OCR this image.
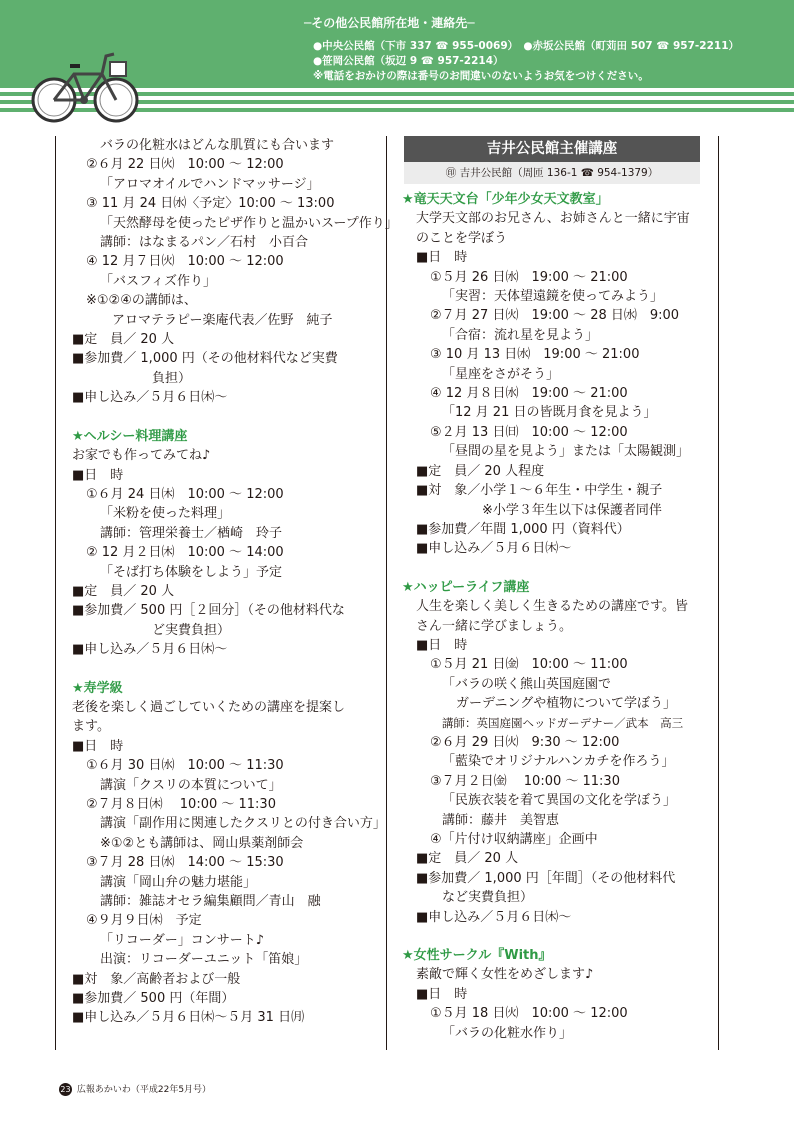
─その他公民館所在地・連絡先─
●中央公民館（下市 337 ☎ 955-0069）　●赤坂公民館（町苅田 507 ☎ 957-2211）
●笹岡公民館（坂辺 9 ☎ 957-2214）
※電話をおかけの際は番号のお間違いのないようお気をつけください。
バラの化粧水はどんな肌質にも合います
②６月 22 日㈫　10:00 ～ 12:00
「アロマオイルでハンドマッサージ」
③ 11 月 24 日㈬〈予定〉10:00 ～ 13:00
「天然酵母を使ったピザ作りと温かいスープ作り」
講師：はなまるパン／石村　小百合
④ 12 月７日㈫　10:00 ～ 12:00
「バスフィズ作り」
※①②④の講師は、
アロマテラピー楽庵代表／佐野　純子
■定　員／ 20 人
■参加費／ 1,000 円（その他材料代など実費
負担）
■申し込み／５月６日㈭～
★ヘルシー料理講座
お家でも作ってみてね♪
■日　時
①６月 24 日㈭　10:00 ～ 12:00
「米粉を使った料理」
講師：管理栄養士／楢崎　玲子
② 12 月２日㈭　10:00 ～ 14:00
「そば打ち体験をしよう」予定
■定　員／ 20 人
■参加費／ 500 円［２回分］（その他材料代な
ど実費負担）
■申し込み／５月６日㈭～
★寿学級
老後を楽しく過ごしていくための講座を提案し
ます。
■日　時
①６月 30 日㈬　10:00 ～ 11:30
講演「クスリの本質について」
②７月８日㈭　 10:00 ～ 11:30
講演「副作用に関連したクスリとの付き合い方」
※①②とも講師は、岡山県薬剤師会
③７月 28 日㈬　14:00 ～ 15:30
講演「岡山弁の魅力堪能」
講師：雑誌オセラ編集顧問／青山　融
④９月９日㈭　予定
「リコーダー」コンサート♪
出演：リコーダーユニット「笛娘」
■対　象／高齢者および一般
■参加費／ 500 円（年間）
■申し込み／５月６日㈭～５月 31 日㈪
吉井公民館主催講座
㊞ 吉井公民館（周匝 136-1 ☎ 954-1379）
★竜天天文台「少年少女天文教室」
大学天文部のお兄さん、お姉さんと一緒に宇宙
のことを学ぼう
■日　時
①５月 26 日㈬　19:00 ～ 21:00
「実習：天体望遠鏡を使ってみよう」
②７月 27 日㈫　19:00 ～ 28 日㈬　9:00
「合宿：流れ星を見よう」
③ 10 月 13 日㈬　19:00 ～ 21:00
「星座をさがそう」
④ 12 月８日㈬　19:00 ～ 21:00
「12 月 21 日の皆既月食を見よう」
⑤２月 13 日㈰　10:00 ～ 12:00
「昼間の星を見よう」または「太陽観測」
■定　員／ 20 人程度
■対　象／小学１～６年生・中学生・親子
※小学３年生以下は保護者同伴
■参加費／年間 1,000 円（資料代）
■申し込み／５月６日㈭～
★ハッピーライフ講座
人生を楽しく美しく生きるための講座です。皆
さん一緒に学びましょう。
■日　時
①５月 21 日㈮　10:00 ～ 11:00
「バラの咲く熊山英国庭園で
ガーデニングや植物について学ぼう」
講師：英国庭園ヘッドガーデナー／武本　高三
②６月 29 日㈫　9:30 ～ 12:00
「藍染でオリジナルハンカチを作ろう」
③７月２日㈮　 10:00 ～ 11:30
「民族衣装を着て異国の文化を学ぼう」
講師：藤井　美智恵
④「片付け収納講座」企画中
■定　員／ 20 人
■参加費／ 1,000 円［年間］（その他材料代
など実費負担）
■申し込み／５月６日㈭～
★女性サークル『With』
素敵で輝く女性をめざします♪
■日　時
①５月 18 日㈫　10:00 ～ 12:00
「バラの化粧水作り」
23 広報あかいわ（平成22年5月号）
